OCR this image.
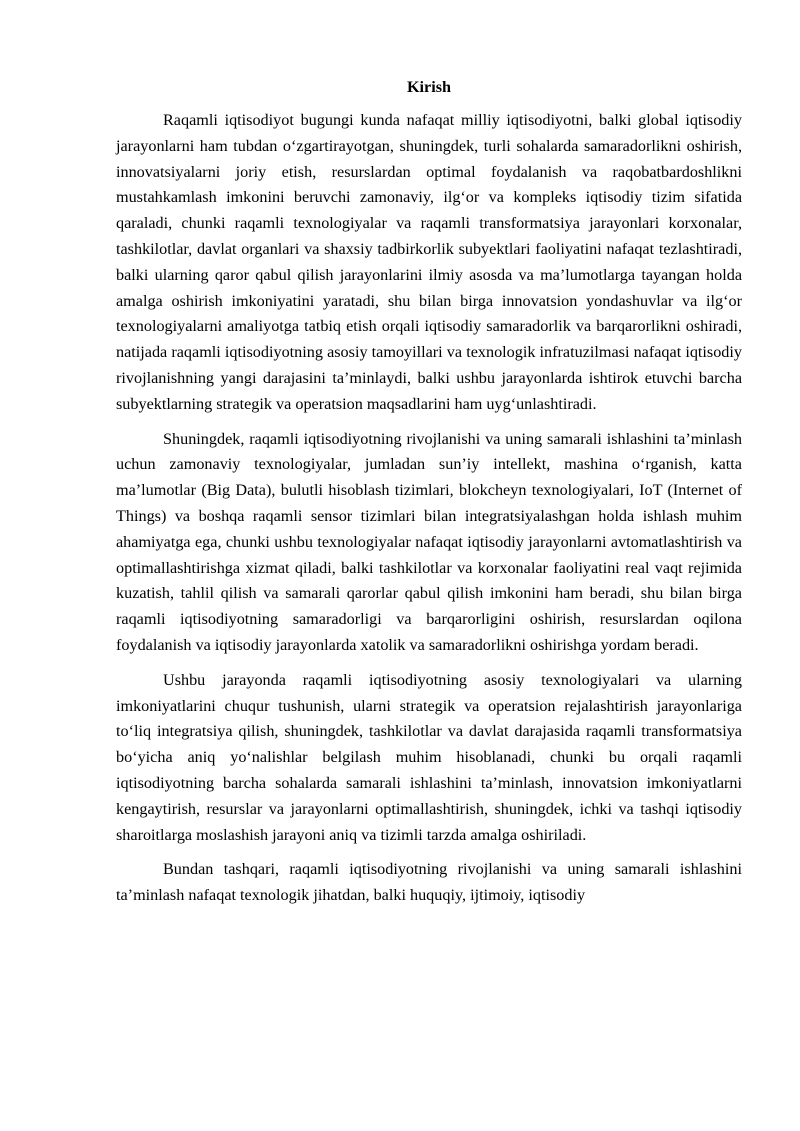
Kirish

Raqamli iqtisodiyot bugungi kunda nafaqat milliy iqtisodiyotni, balki global iqtisodiy jarayonlarni ham tubdan oʻzgartirayotgan, shuningdek, turli sohalarda samaradorlikni oshirish, innovatsiyalarni joriy etish, resurslardan optimal foydalanish va raqobatbardoshlikni mustahkamlash imkonini beruvchi zamonaviy, ilgʻor va kompleks iqtisodiy tizim sifatida qaraladi, chunki raqamli texnologiyalar va raqamli transformatsiya jarayonlari korxonalar, tashkilotlar, davlat organlari va shaxsiy tadbirkorlik subyektlari faoliyatini nafaqat tezlashtiradi, balki ularning qaror qabul qilish jarayonlarini ilmiy asosda va maʼlumotlarga tayangan holda amalga oshirish imkoniyatini yaratadi, shu bilan birga innovatsion yondashuvlar va ilgʻor texnologiyalarni amaliyotga tatbiq etish orqali iqtisodiy samaradorlik va barqarorlikni oshiradi, natijada raqamli iqtisodiyotning asosiy tamoyillari va texnologik infratuzilmasi nafaqat iqtisodiy rivojlanishning yangi darajasini taʼminlaydi, balki ushbu jarayonlarda ishtirok etuvchi barcha subyektlarning strategik va operatsion maqsadlarini ham uygʻunlashtiradi.

Shuningdek, raqamli iqtisodiyotning rivojlanishi va uning samarali ishlashini taʼminlash uchun zamonaviy texnologiyalar, jumladan sunʼiy intellekt, mashina oʻrganish, katta maʼlumotlar (Big Data), bulutli hisoblash tizimlari, blokcheyn texnologiyalari, IoT (Internet of Things) va boshqa raqamli sensor tizimlari bilan integratsiyalashgan holda ishlash muhim ahamiyatga ega, chunki ushbu texnologiyalar nafaqat iqtisodiy jarayonlarni avtomatlashtirish va optimallashtirishga xizmat qiladi, balki tashkilotlar va korxonalar faoliyatini real vaqt rejimida kuzatish, tahlil qilish va samarali qarorlar qabul qilish imkonini ham beradi, shu bilan birga raqamli iqtisodiyotning samaradorligi va barqarorligini oshirish, resurslardan oqilona foydalanish va iqtisodiy jarayonlarda xatolik va samaradorlikni oshirishga yordam beradi.

Ushbu jarayonda raqamli iqtisodiyotning asosiy texnologiyalari va ularning imkoniyatlarini chuqur tushunish, ularni strategik va operatsion rejalashtirish jarayonlariga toʻliq integratsiya qilish, shuningdek, tashkilotlar va davlat darajasida raqamli transformatsiya boʻyicha aniq yoʻnalishlar belgilash muhim hisoblanadi, chunki bu orqali raqamli iqtisodiyotning barcha sohalarda samarali ishlashini taʼminlash, innovatsion imkoniyatlarni kengaytirish, resurslar va jarayonlarni optimallashtirish, shuningdek, ichki va tashqi iqtisodiy sharoitlarga moslashish jarayoni aniq va tizimli tarzda amalga oshiriladi.

Bundan tashqari, raqamli iqtisodiyotning rivojlanishi va uning samarali ishlashini taʼminlash nafaqat texnologik jihatdan, balki huquqiy, ijtimoiy, iqtisodiy
